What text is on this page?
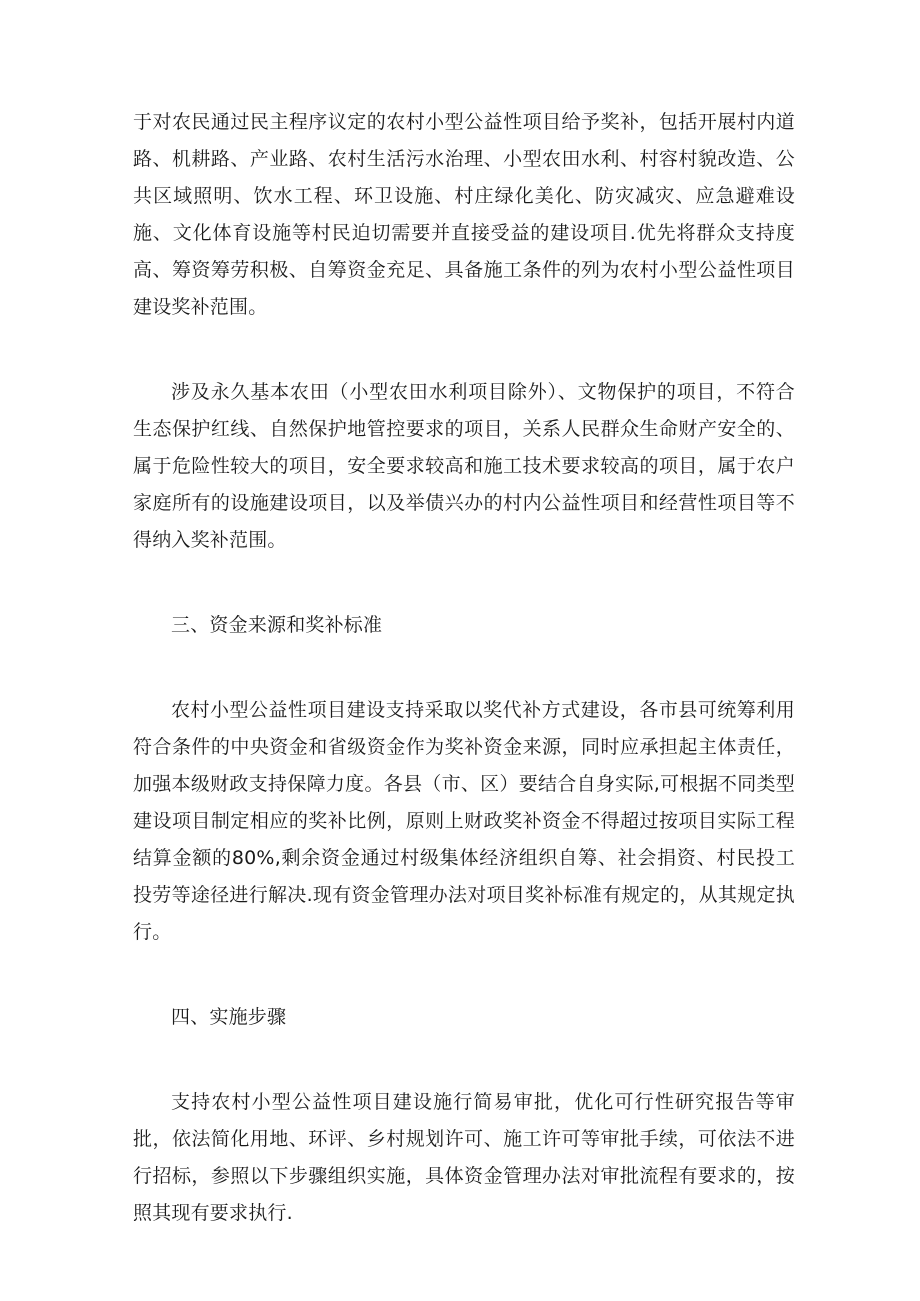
于对农民通过民主程序议定的农村小型公益性项目给予奖补，包括开展村内道路、机耕路、产业路、农村生活污水治理、小型农田水利、村容村貌改造、公共区域照明、饮水工程、环卫设施、村庄绿化美化、防灾减灾、应急避难设施、文化体育设施等村民迫切需要并直接受益的建设项目.优先将群众支持度高、筹资筹劳积极、自筹资金充足、具备施工条件的列为农村小型公益性项目建设奖补范围。

涉及永久基本农田（小型农田水利项目除外）、文物保护的项目，不符合生态保护红线、自然保护地管控要求的项目，关系人民群众生命财产安全的、属于危险性较大的项目，安全要求较高和施工技术要求较高的项目，属于农户家庭所有的设施建设项目，以及举债兴办的村内公益性项目和经营性项目等不得纳入奖补范围。

三、资金来源和奖补标准

农村小型公益性项目建设支持采取以奖代补方式建设，各市县可统筹利用符合条件的中央资金和省级资金作为奖补资金来源，同时应承担起主体责任，加强本级财政支持保障力度。各县（市、区）要结合自身实际,可根据不同类型建设项目制定相应的奖补比例，原则上财政奖补资金不得超过按项目实际工程结算金额的80%,剩余资金通过村级集体经济组织自筹、社会捐资、村民投工投劳等途径进行解决.现有资金管理办法对项目奖补标准有规定的，从其规定执行。

四、实施步骤

支持农村小型公益性项目建设施行简易审批，优化可行性研究报告等审批，依法简化用地、环评、乡村规划许可、施工许可等审批手续，可依法不进行招标，参照以下步骤组织实施，具体资金管理办法对审批流程有要求的，按照其现有要求执行.
